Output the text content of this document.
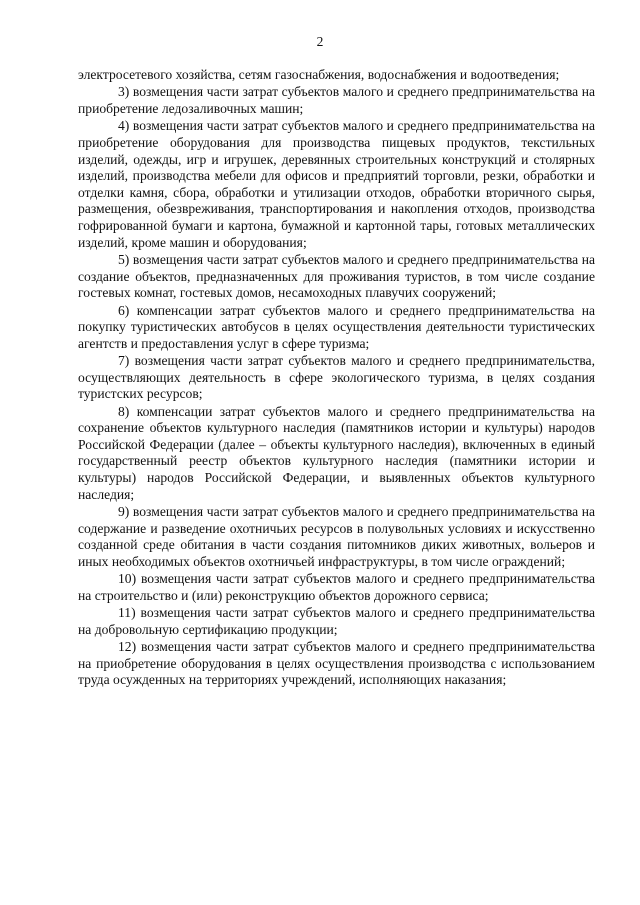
2

электросетевого хозяйства, сетям газоснабжения, водоснабжения и водоотведения;

3) возмещения части затрат субъектов малого и среднего предпринимательства на приобретение ледозаливочных машин;

4) возмещения части затрат субъектов малого и среднего предпринимательства на приобретение оборудования для производства пищевых продуктов, текстильных изделий, одежды, игр и игрушек, деревянных строительных конструкций и столярных изделий, производства мебели для офисов и предприятий торговли, резки, обработки и отделки камня, сбора, обработки и утилизации отходов, обработки вторичного сырья, размещения, обезвреживания, транспортирования и накопления отходов, производства гофрированной бумаги и картона, бумажной и картонной тары, готовых металлических изделий, кроме машин и оборудования;

5) возмещения части затрат субъектов малого и среднего предпринимательства на создание объектов, предназначенных для проживания туристов, в том числе создание гостевых комнат, гостевых домов, несамоходных плавучих сооружений;

6) компенсации затрат субъектов малого и среднего предпринимательства на покупку туристических автобусов в целях осуществления деятельности туристических агентств и предоставления услуг в сфере туризма;

7) возмещения части затрат субъектов малого и среднего предпринимательства, осуществляющих деятельность в сфере экологического туризма, в целях создания туристских ресурсов;

8) компенсации затрат субъектов малого и среднего предпринимательства на сохранение объектов культурного наследия (памятников истории и культуры) народов Российской Федерации (далее – объекты культурного наследия), включенных в единый государственный реестр объектов культурного наследия (памятники истории и культуры) народов Российской Федерации, и выявленных объектов культурного наследия;

9) возмещения части затрат субъектов малого и среднего предпринимательства на содержание и разведение охотничьих ресурсов в полувольных условиях и искусственно созданной среде обитания в части создания питомников диких животных, вольеров и иных необходимых объектов охотничьей инфраструктуры, в том числе ограждений;

10) возмещения части затрат субъектов малого и среднего предпринимательства на строительство и (или) реконструкцию объектов дорожного сервиса;

11) возмещения части затрат субъектов малого и среднего предпринимательства на добровольную сертификацию продукции;

12) возмещения части затрат субъектов малого и среднего предпринимательства на приобретение оборудования в целях осуществления производства с использованием труда осужденных на территориях учреждений, исполняющих наказания;
